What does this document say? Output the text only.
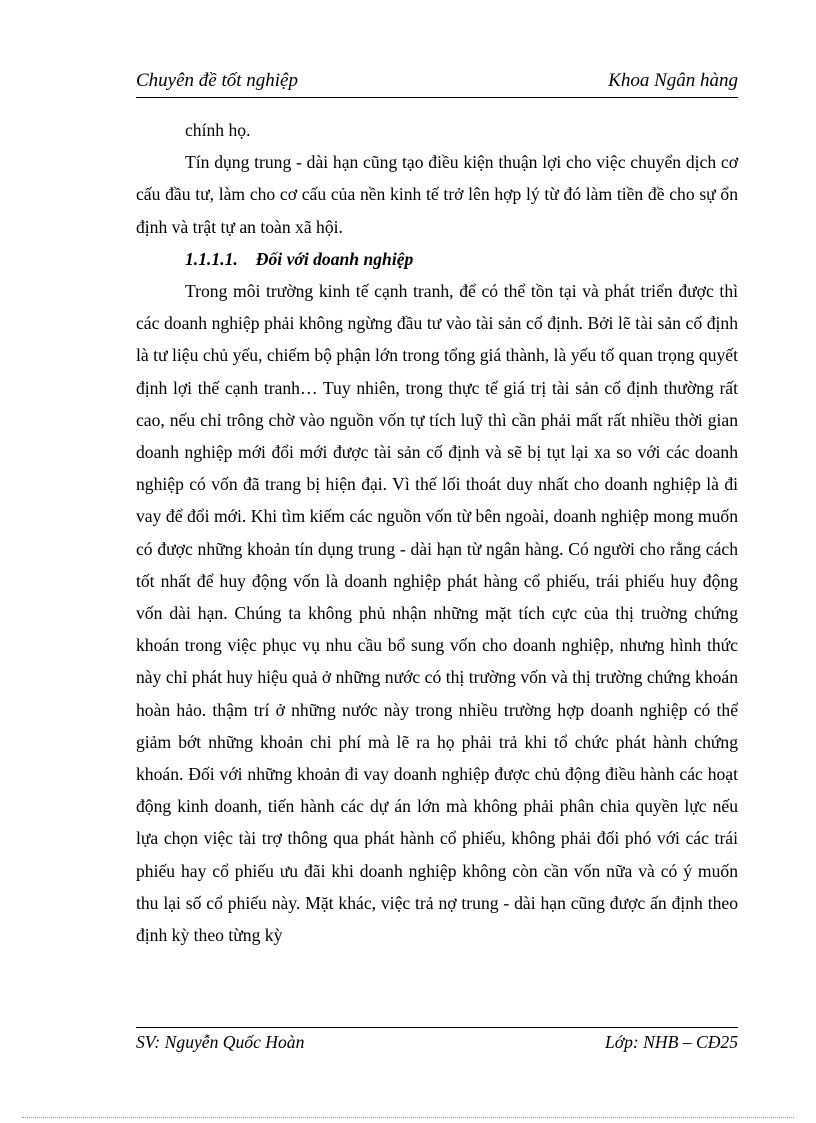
Chuyên đề tốt nghiệp	Khoa Ngân hàng

chính họ.

Tín dụng trung - dài hạn cũng tạo điều kiện thuận lợi cho việc chuyển dịch cơ cấu đầu tư, làm cho cơ cấu của nền kinh tế trở lên hợp lý từ đó làm tiền đề cho sự ổn định và trật tự an toàn xã hội.

1.1.1.1. Đối với doanh nghiệp

Trong môi trường kinh tế cạnh tranh, để có thể tồn tại và phát triển được thì các doanh nghiệp phải không ngừng đầu tư vào tài sản cố định. Bởi lẽ tài sản cố định là tư liệu chủ yếu, chiếm bộ phận lớn trong tổng giá thành, là yếu tố quan trọng quyết định lợi thế cạnh tranh… Tuy nhiên, trong thực tế giá trị tài sản cố định thường rất cao, nếu chỉ trông chờ vào nguồn vốn tự tích luỹ thì cần phải mất rất nhiều thời gian doanh nghiệp mới đổi mới được tài sản cố định và sẽ bị tụt lại xa so với các doanh nghiệp có vốn đã trang bị hiện đại. Vì thế lối thoát duy nhất cho doanh nghiệp là đi vay để đổi mới. Khi tìm kiếm các nguồn vốn từ bên ngoài, doanh nghiệp mong muốn có được những khoản tín dụng trung - dài hạn từ ngân hàng. Có người cho rằng cách tốt nhất để huy động vốn là doanh nghiệp phát hàng cổ phiếu, trái phiếu huy động vốn dài hạn. Chúng ta không phủ nhận những mặt tích cực của thị truờng chứng khoán trong việc phục vụ nhu cầu bổ sung vốn cho doanh nghiệp, nhưng hình thức này chỉ phát huy hiệu quả ở những nước có thị trường vốn và thị trường chứng khoán hoàn hảo. thậm trí ở những nước này trong nhiều trường hợp doanh nghiệp có thể giảm bớt những khoản chi phí mà lẽ ra họ phải trả khi tổ chức phát hành chứng khoán. Đối với những khoản đi vay doanh nghiệp được chủ động điều hành các hoạt động kinh doanh, tiến hành các dự án lớn mà không phải phân chia quyền lực nếu lựa chọn việc tài trợ thông qua phát hành cổ phiếu, không phải đối phó với các trái phiếu hay cổ phiếu ưu đãi khi doanh nghiệp không còn cần vốn nữa và có ý muốn thu lại số cổ phiếu này. Mặt khác, việc trả nợ trung - dài hạn cũng được ấn định theo định kỳ theo từng kỳ

SV: Nguyễn Quốc Hoàn	Lớp: NHB – CĐ25
